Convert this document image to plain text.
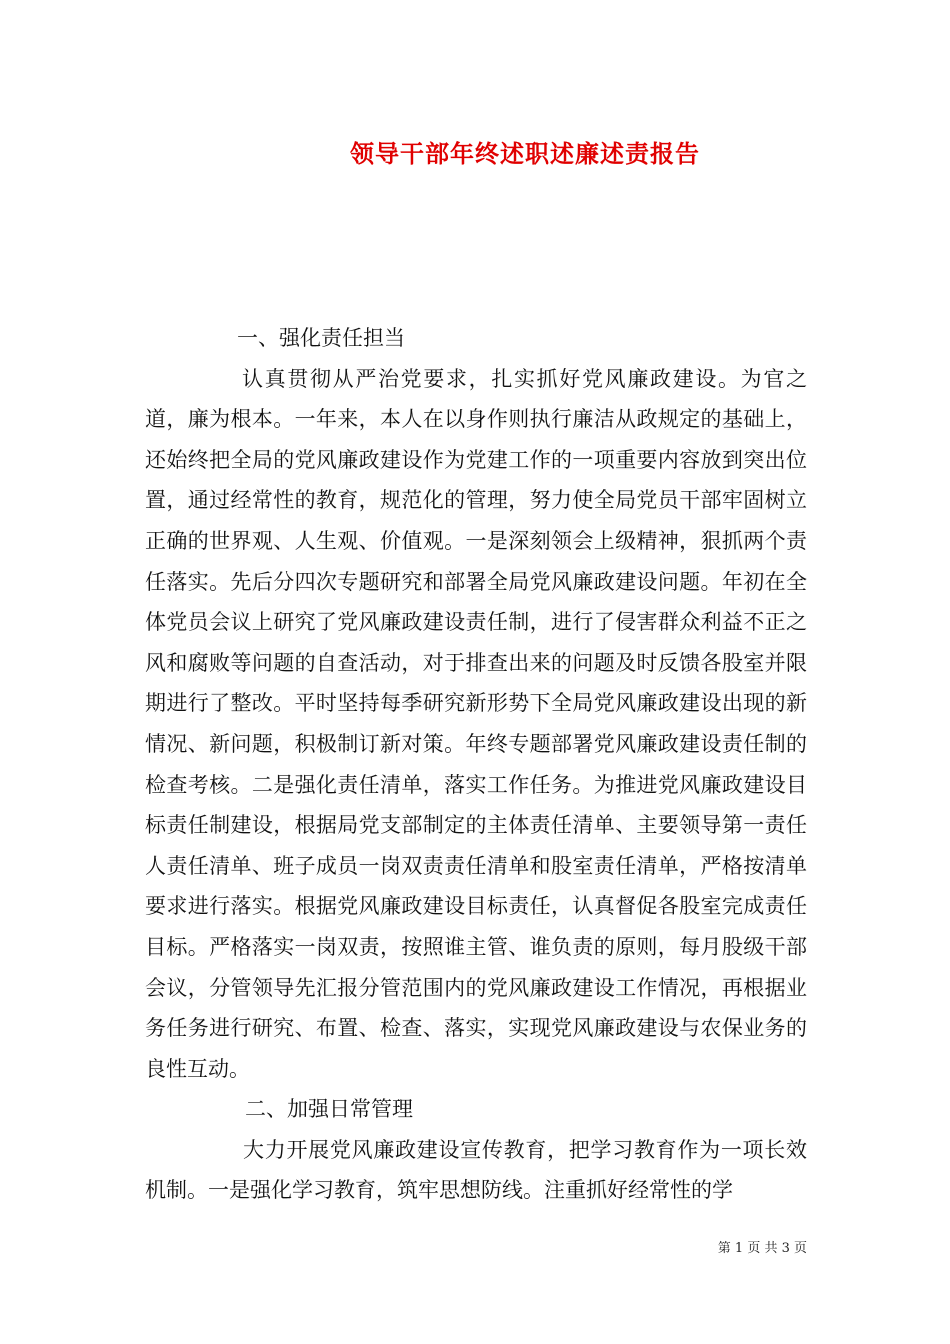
领导干部年终述职述廉述责报告

一、强化责任担当

认真贯彻从严治党要求，扎实抓好党风廉政建设。为官之道，廉为根本。一年来，本人在以身作则执行廉洁从政规定的基础上，还始终把全局的党风廉政建设作为党建工作的一项重要内容放到突出位置，通过经常性的教育，规范化的管理，努力使全局党员干部牢固树立正确的世界观、人生观、价值观。一是深刻领会上级精神，狠抓两个责任落实。先后分四次专题研究和部署全局党风廉政建设问题。年初在全体党员会议上研究了党风廉政建设责任制，进行了侵害群众利益不正之风和腐败等问题的自查活动，对于排查出来的问题及时反馈各股室并限期进行了整改。平时坚持每季研究新形势下全局党风廉政建设出现的新情况、新问题，积极制订新对策。年终专题部署党风廉政建设责任制的检查考核。二是强化责任清单，落实工作任务。为推进党风廉政建设目标责任制建设，根据局党支部制定的主体责任清单、主要领导第一责任人责任清单、班子成员一岗双责责任清单和股室责任清单，严格按清单要求进行落实。根据党风廉政建设目标责任，认真督促各股室完成责任目标。严格落实一岗双责，按照谁主管、谁负责的原则，每月股级干部会议，分管领导先汇报分管范围内的党风廉政建设工作情况，再根据业务任务进行研究、布置、检查、落实，实现党风廉政建设与农保业务的良性互动。

二、加强日常管理

大力开展党风廉政建设宣传教育，把学习教育作为一项长效机制。一是强化学习教育，筑牢思想防线。注重抓好经常性的学

第 1 页 共 3 页
